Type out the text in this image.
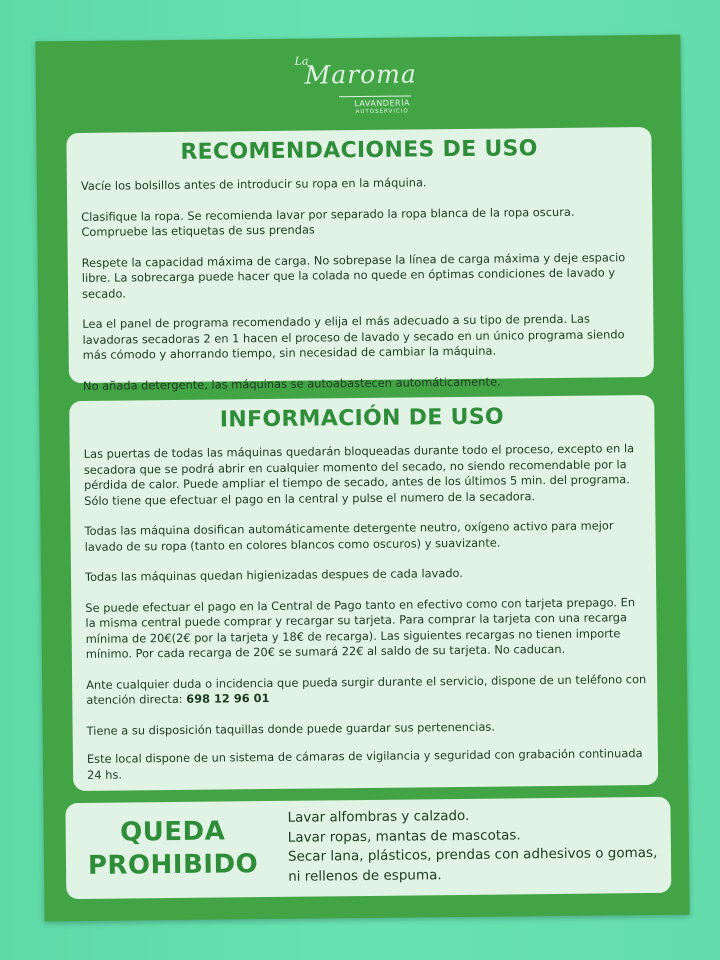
La
Maroma
LAVANDERÍA
AUTOSERVICIO
RECOMENDACIONES DE USO

Vacíe los bolsillos antes de introducir su ropa en la máquina.

Clasifique la ropa. Se recomienda lavar por separado la ropa blanca de la ropa oscura. Compruebe las etiquetas de sus prendas

Respete la capacidad máxima de carga. No sobrepase la línea de carga máxima y deje espacio libre. La sobrecarga puede hacer que la colada no quede en óptimas condiciones de lavado y secado.

Lea el panel de programa recomendado y elija el más adecuado a su tipo de prenda. Las lavadoras secadoras 2 en 1 hacen el proceso de lavado y secado en un único programa siendo más cómodo y ahorrando tiempo, sin necesidad de cambiar la máquina.

No añada detergente, las máquinas se autoabastecen automáticamente.

INFORMACIÓN DE USO

Las puertas de todas las máquinas quedarán bloqueadas durante todo el proceso, excepto en la secadora que se podrá abrir en cualquier momento del secado, no siendo recomendable por la pérdida de calor. Puede ampliar el tiempo de secado, antes de los últimos 5 min. del programa. Sólo tiene que efectuar el pago en la central y pulse el numero de la secadora.

Todas las máquina dosifican automáticamente detergente neutro, oxígeno activo para mejor lavado de su ropa (tanto en colores blancos como oscuros) y suavizante.

Todas las máquinas quedan higienizadas despues de cada lavado.

Se puede efectuar el pago en la Central de Pago tanto en efectivo como con tarjeta prepago. En la misma central puede comprar y recargar su tarjeta. Para comprar la tarjeta con una recarga mínima de 20€(2€ por la tarjeta y 18€ de recarga). Las siguientes recargas no tienen importe mínimo. Por cada recarga de 20€ se sumará 22€ al saldo de su tarjeta. No caducan.

Ante cualquier duda o incidencia que pueda surgir durante el servicio, dispone de un teléfono con atención directa: 698 12 96 01

Tiene a su disposición taquillas donde puede guardar sus pertenencias.

Este local dispone de un sistema de cámaras de vigilancia y seguridad con grabación continuada 24 hs.

QUEDA
PROHIBIDO
Lavar alfombras y calzado.
Lavar ropas, mantas de mascotas.
Secar lana, plásticos, prendas con adhesivos o gomas,
ni rellenos de espuma.
